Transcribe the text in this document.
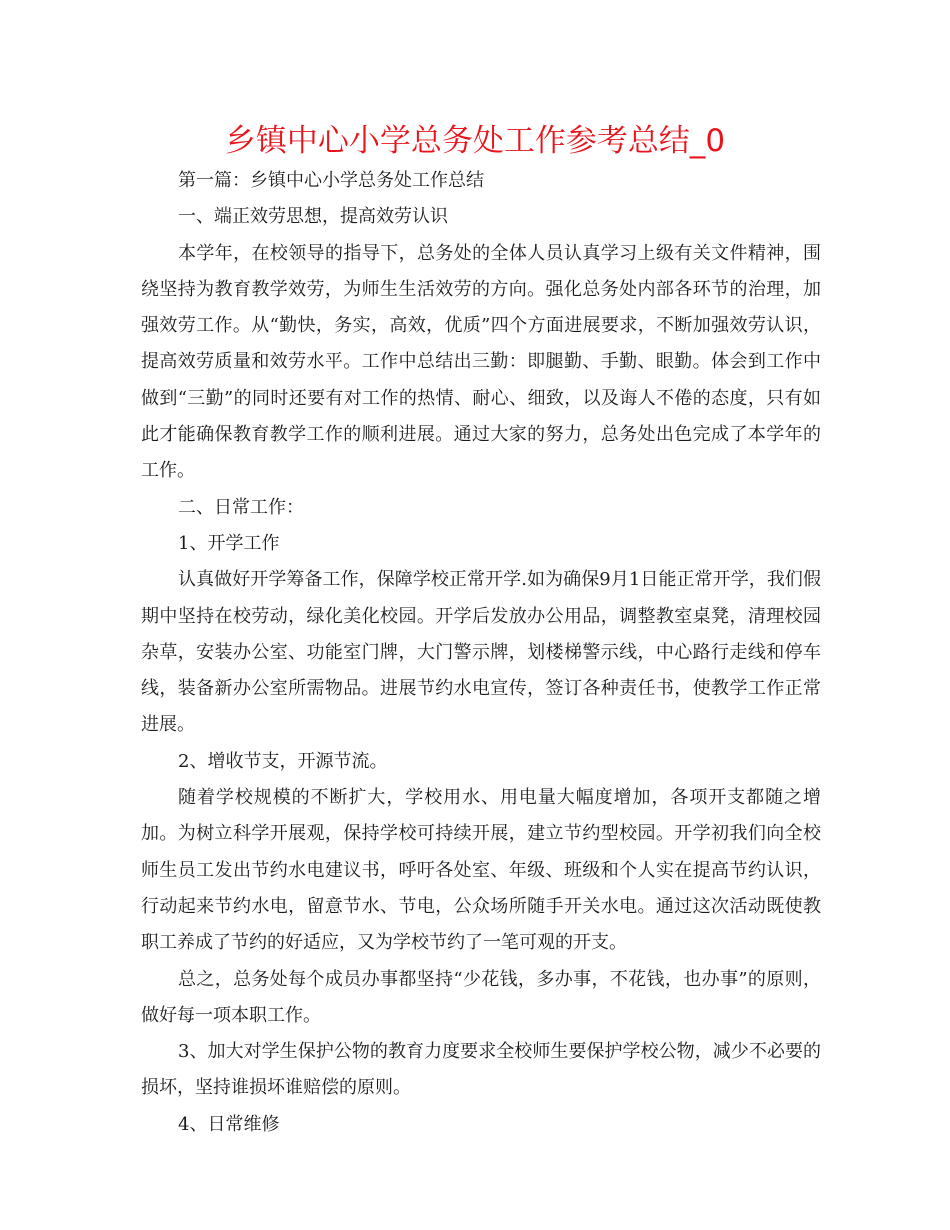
乡镇中心小学总务处工作参考总结_0

第一篇：乡镇中心小学总务处工作总结

一、端正效劳思想，提高效劳认识

本学年，在校领导的指导下，总务处的全体人员认真学习上级有关文件精神，围绕坚持为教育教学效劳，为师生生活效劳的方向。强化总务处内部各环节的治理，加强效劳工作。从“勤快，务实，高效，优质”四个方面进展要求，不断加强效劳认识，提高效劳质量和效劳水平。工作中总结出三勤：即腿勤、手勤、眼勤。体会到工作中做到“三勤”的同时还要有对工作的热情、耐心、细致，以及诲人不倦的态度，只有如此才能确保教育教学工作的顺利进展。通过大家的努力，总务处出色完成了本学年的工作。

二、日常工作：

1、开学工作

认真做好开学筹备工作，保障学校正常开学.如为确保9月1日能正常开学，我们假期中坚持在校劳动，绿化美化校园。开学后发放办公用品，调整教室桌凳，清理校园杂草，安装办公室、功能室门牌，大门警示牌，划楼梯警示线，中心路行走线和停车线，装备新办公室所需物品。进展节约水电宣传，签订各种责任书，使教学工作正常进展。

2、增收节支，开源节流。

随着学校规模的不断扩大，学校用水、用电量大幅度增加，各项开支都随之增加。为树立科学开展观，保持学校可持续开展，建立节约型校园。开学初我们向全校师生员工发出节约水电建议书，呼吁各处室、年级、班级和个人实在提高节约认识，行动起来节约水电，留意节水、节电，公众场所随手开关水电。通过这次活动既使教职工养成了节约的好适应，又为学校节约了一笔可观的开支。

总之，总务处每个成员办事都坚持“少花钱，多办事，不花钱，也办事”的原则，做好每一项本职工作。

3、加大对学生保护公物的教育力度要求全校师生要保护学校公物，减少不必要的损坏，坚持谁损坏谁赔偿的原则。

4、日常维修
